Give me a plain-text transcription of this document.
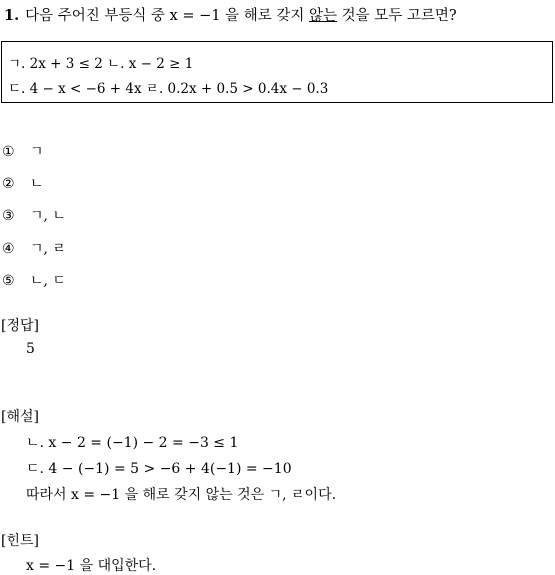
1. 다음 주어진 부등식 중 x = −1 을 해로 갖지 않는 것을 모두 고르면?
ㄱ. 2x + 3 ≤ 2 ㄴ. x − 2 ≥ 1
ㄷ. 4 − x < −6 + 4x ㄹ. 0.2x + 0.5 > 0.4x − 0.3
① ㄱ
② ㄴ
③ ㄱ, ㄴ
④ ㄱ, ㄹ
⑤ ㄴ, ㄷ
[정답]
5
[해설]
ㄴ. x − 2 = (−1) − 2 = −3 ≤ 1
ㄷ. 4 − (−1) = 5 > −6 + 4(−1) = −10
따라서 x = −1 을 해로 갖지 않는 것은 ㄱ, ㄹ이다.
[힌트]
x = −1 을 대입한다.
